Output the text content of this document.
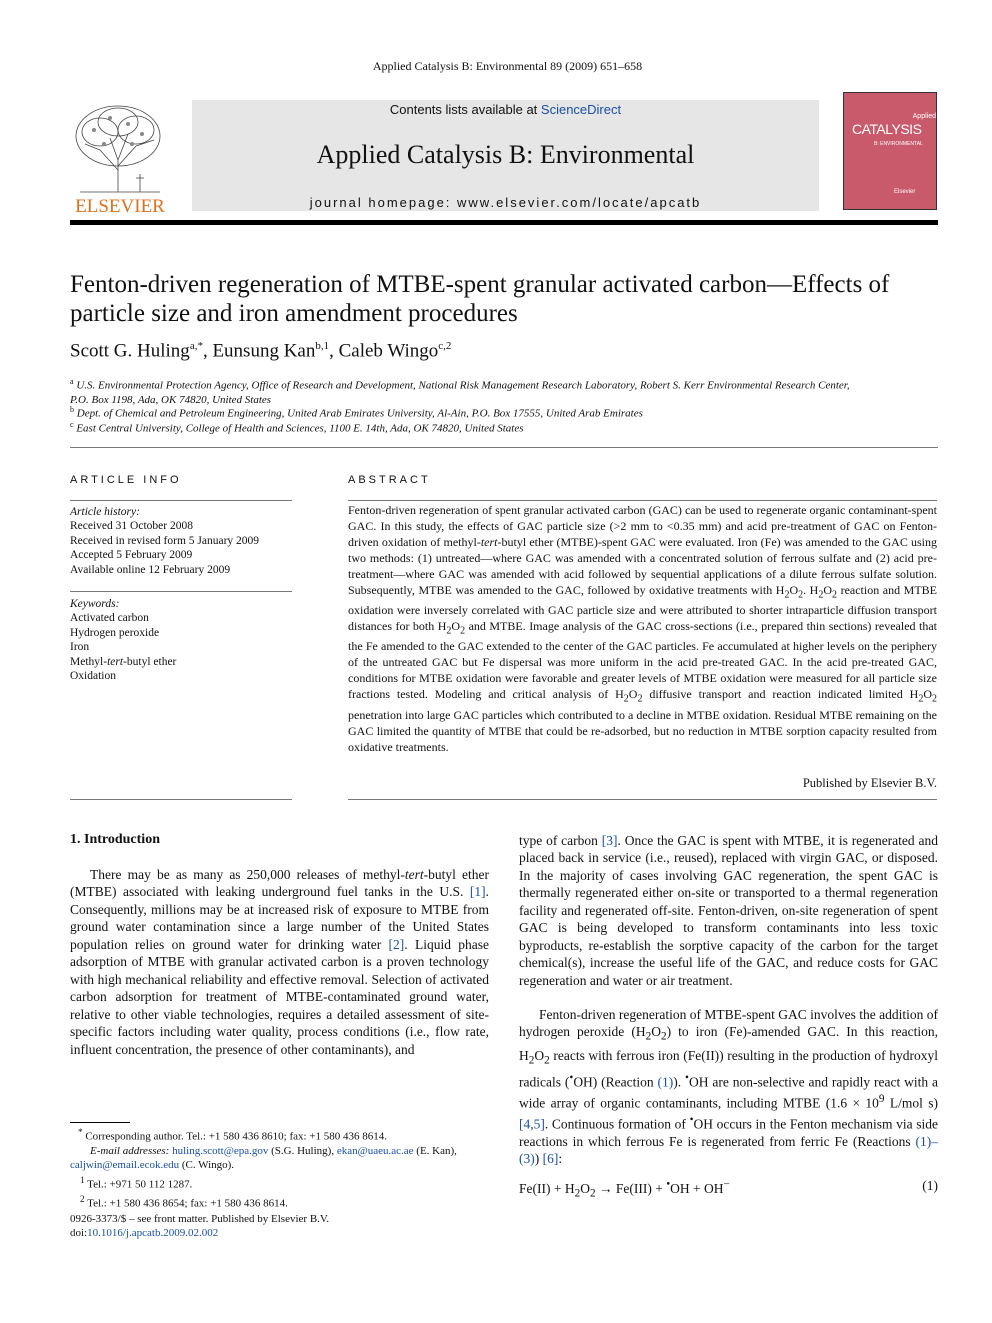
Applied Catalysis B: Environmental 89 (2009) 651–658
ELSEVIER
Contents lists available at ScienceDirect
Applied Catalysis B: Environmental
journal homepage: www.elsevier.com/locate/apcatb
Applied
CATALYSIS
B: ENVIRONMENTAL
Elsevier
Fenton-driven regeneration of MTBE-spent granular activated carbon—Effects of
particle size and iron amendment procedures
Scott G. Huling$^{a,*}$, Eunsung Kan$^{b,1}$, Caleb Wingo$^{c,2}$
$^a$ U.S. Environmental Protection Agency, Office of Research and Development, National Risk Management Research Laboratory, Robert S. Kerr Environmental Research Center,
P.O. Box 1198, Ada, OK 74820, United States
$^b$ Dept. of Chemical and Petroleum Engineering, United Arab Emirates University, Al-Ain, P.O. Box 17555, United Arab Emirates
$^c$ East Central University, College of Health and Sciences, 1100 E. 14th, Ada, OK 74820, United States
ARTICLE INFO
Article history:
Received 31 October 2008
Received in revised form 5 January 2009
Accepted 5 February 2009
Available online 12 February 2009
Keywords:
Activated carbon
Hydrogen peroxide
Iron
Methyl-tert-butyl ether
Oxidation
ABSTRACT
Fenton-driven regeneration of spent granular activated carbon (GAC) can be used to regenerate organic contaminant-spent GAC. In this study, the effects of GAC particle size (>2 mm to <0.35 mm) and acid pre-treatment of GAC on Fenton-driven oxidation of methyl-tert-butyl ether (MTBE)-spent GAC were evaluated. Iron (Fe) was amended to the GAC using two methods: (1) untreated—where GAC was amended with a concentrated solution of ferrous sulfate and (2) acid pre-treatment—where GAC was amended with acid followed by sequential applications of a dilute ferrous sulfate solution. Subsequently, MTBE was amended to the GAC, followed by oxidative treatments with $H_2O_2$. $H_2O_2$ reaction and MTBE oxidation were inversely correlated with GAC particle size and were attributed to shorter intraparticle diffusion transport distances for both $H_2O_2$ and MTBE. Image analysis of the GAC cross-sections (i.e., prepared thin sections) revealed that the Fe amended to the GAC extended to the center of the GAC particles. Fe accumulated at higher levels on the periphery of the untreated GAC but Fe dispersal was more uniform in the acid pre-treated GAC. In the acid pre-treated GAC, conditions for MTBE oxidation were favorable and greater levels of MTBE oxidation were measured for all particle size fractions tested. Modeling and critical analysis of $H_2O_2$ diffusive transport and reaction indicated limited $H_2O_2$ penetration into large GAC particles which contributed to a decline in MTBE oxidation. Residual MTBE remaining on the GAC limited the quantity of MTBE that could be re-adsorbed, but no reduction in MTBE sorption capacity resulted from oxidative treatments.
Published by Elsevier B.V.
1. Introduction
There may be as many as 250,000 releases of methyl-tert-butyl ether (MTBE) associated with leaking underground fuel tanks in the U.S. [1]. Consequently, millions may be at increased risk of exposure to MTBE from ground water contamination since a large number of the United States population relies on ground water for drinking water [2]. Liquid phase adsorption of MTBE with granular activated carbon is a proven technology with high mechanical reliability and effective removal. Selection of activated carbon adsorption for treatment of MTBE-contaminated ground water, relative to other viable technologies, requires a detailed assessment of site-specific factors including water quality, process conditions (i.e., flow rate, influent concentration, the presence of other contaminants), and
type of carbon [3]. Once the GAC is spent with MTBE, it is regenerated and placed back in service (i.e., reused), replaced with virgin GAC, or disposed. In the majority of cases involving GAC regeneration, the spent GAC is thermally regenerated either on-site or transported to a thermal regeneration facility and regenerated off-site. Fenton-driven, on-site regeneration of spent GAC is being developed to transform contaminants into less toxic byproducts, re-establish the sorptive capacity of the carbon for the target chemical(s), increase the useful life of the GAC, and reduce costs for GAC regeneration and water or air treatment.
Fenton-driven regeneration of MTBE-spent GAC involves the addition of hydrogen peroxide $(H_2O_2)$ to iron (Fe)-amended GAC. In this reaction, $H_2O_2$ reacts with ferrous iron (Fe(II)) resulting in the production of hydroxyl radicals (•OH) (Reaction (1)). •OH are non-selective and rapidly react with a wide array of organic contaminants, including MTBE ($1.6 \times 10^9$ L/mol s) [4,5]. Continuous formation of •OH occurs in the Fenton mechanism via side reactions in which ferrous Fe is regenerated from ferric Fe (Reactions (1)–(3)) [6]:
$Fe(II) + H_2O_2 \to Fe(III) + ^•OH + OH^-$	(1)
* Corresponding author. Tel.: +1 580 436 8610; fax: +1 580 436 8614.
E-mail addresses: huling.scott@epa.gov (S.G. Huling), ekan@uaeu.ac.ae (E. Kan),
caljwin@email.ecok.edu (C. Wingo).
$^1$ Tel.: +971 50 112 1287.
$^2$ Tel.: +1 580 436 8654; fax: +1 580 436 8614.
0926-3373/$ – see front matter. Published by Elsevier B.V.
doi:10.1016/j.apcatb.2009.02.002
